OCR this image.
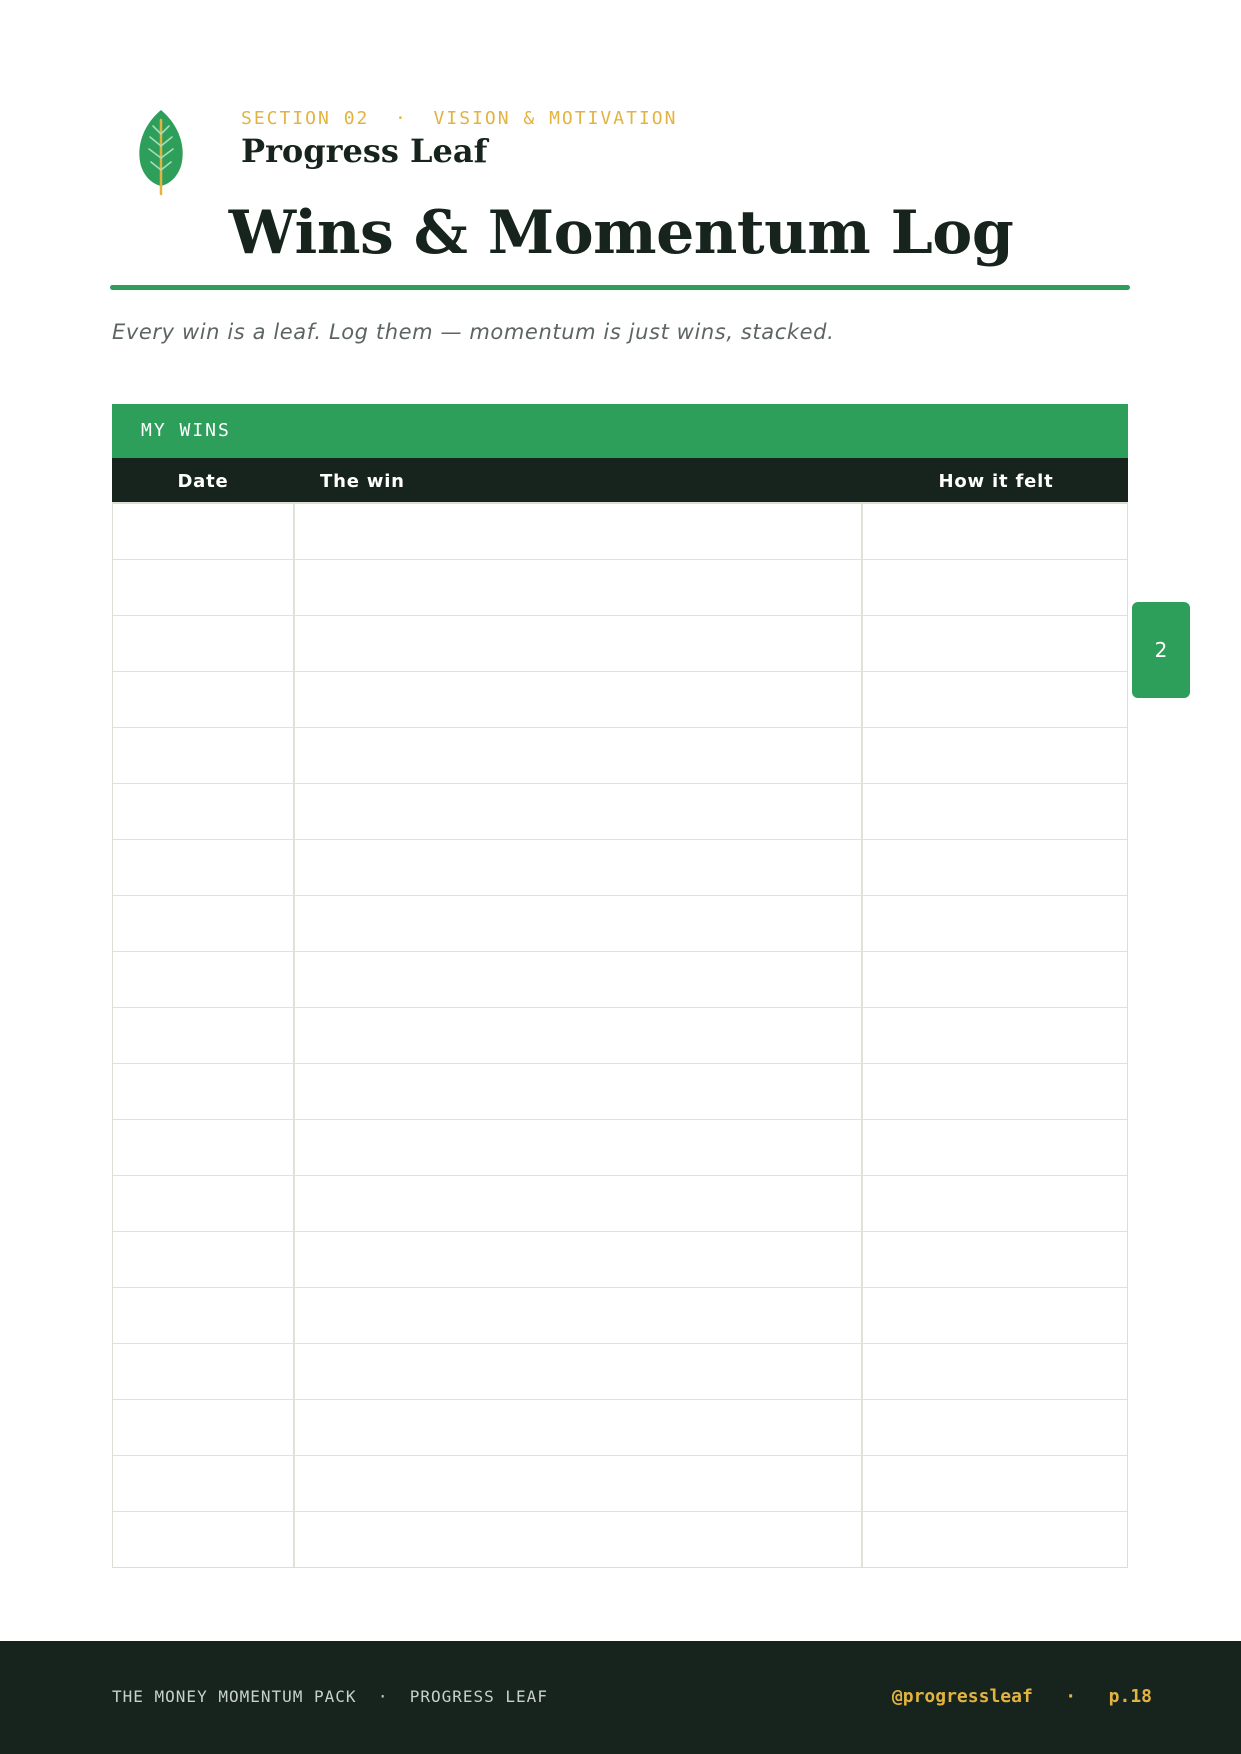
SECTION 02  ·  VISION & MOTIVATION
Progress Leaf
Wins & Momentum Log
Every win is a leaf. Log them — momentum is just wins, stacked.
MY WINS
Date	The win	How it felt
2
THE MONEY MOMENTUM PACK  ·  PROGRESS LEAF	@progressleaf   ·   p.18
